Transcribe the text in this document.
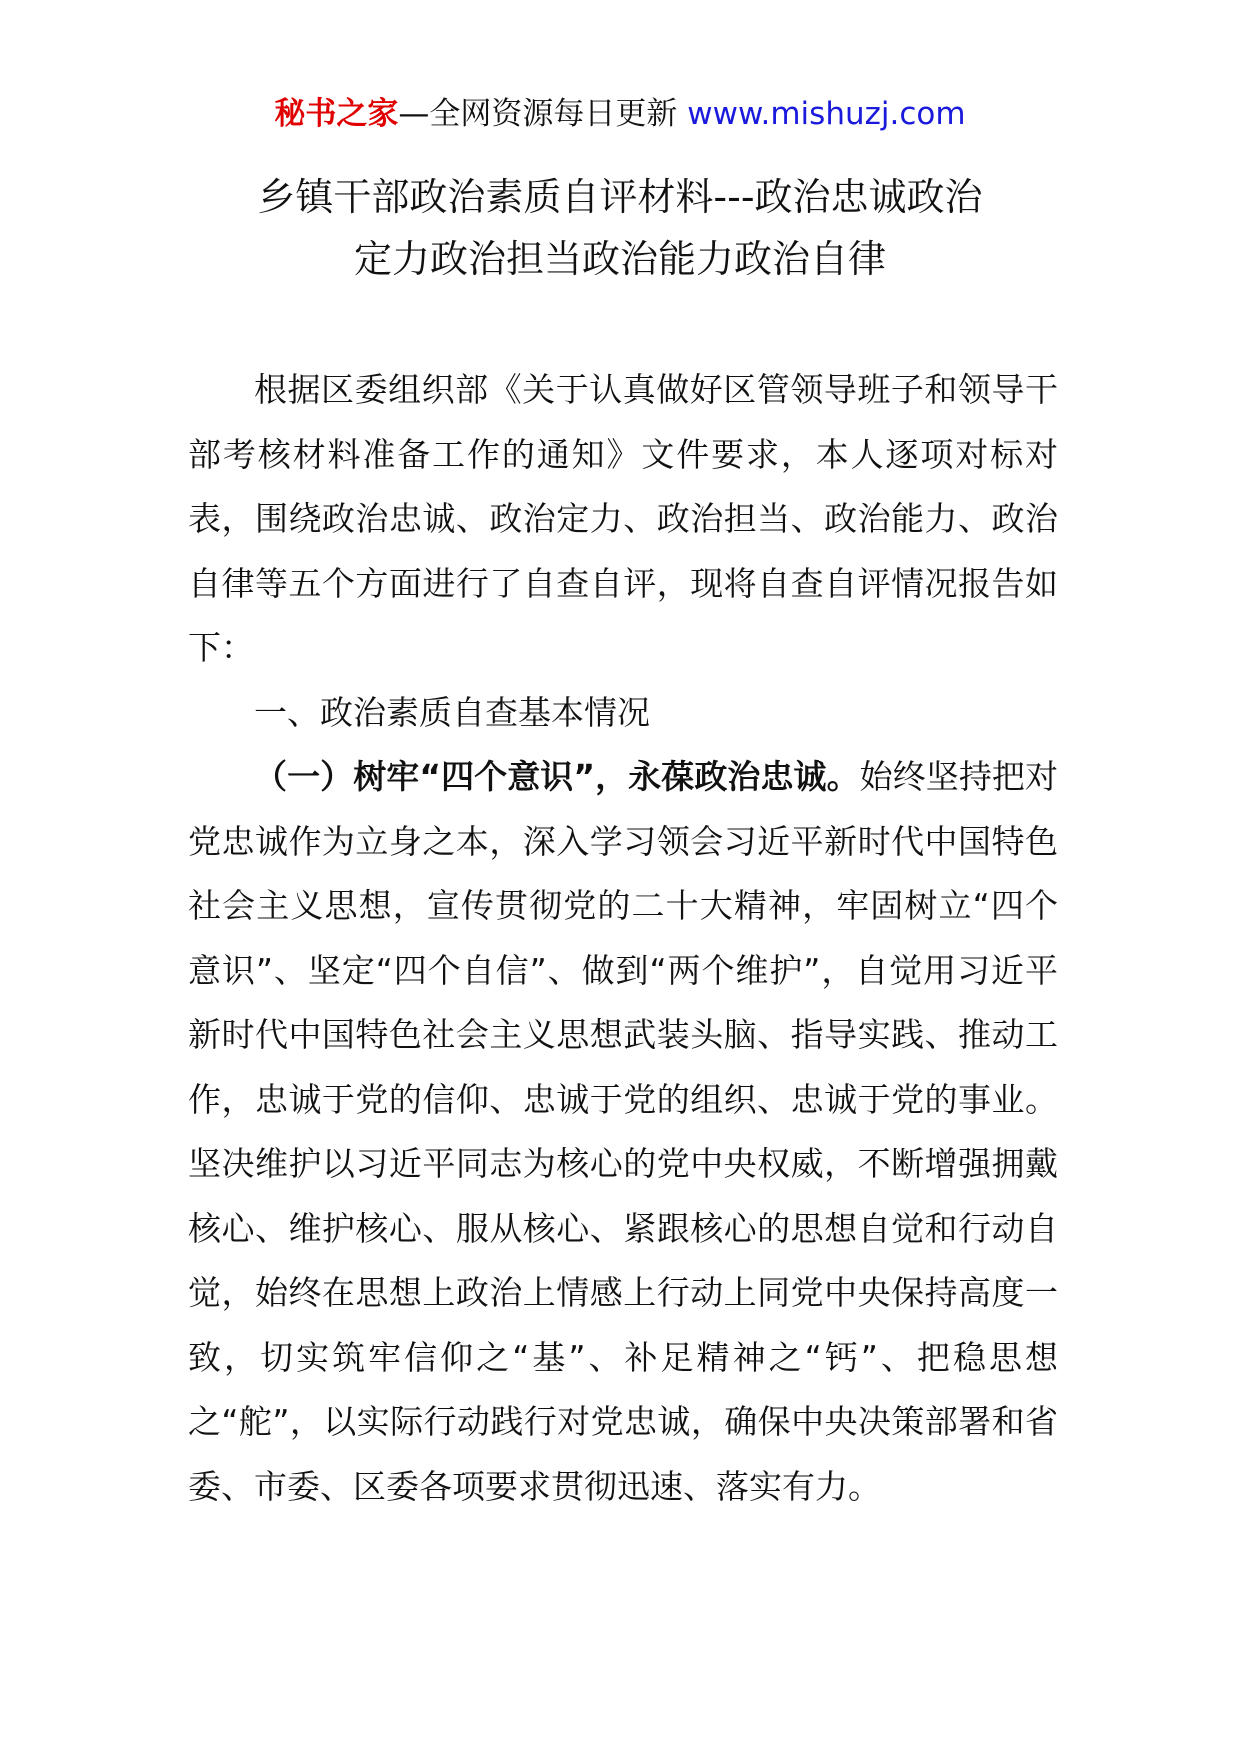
秘书之家—全网资源每日更新 www.mishuzj.com
乡镇干部政治素质自评材料---政治忠诚政治
定力政治担当政治能力政治自律

根据区委组织部《关于认真做好区管领导班子和领导干部考核材料准备工作的通知》文件要求，本人逐项对标对表，围绕政治忠诚、政治定力、政治担当、政治能力、政治自律等五个方面进行了自查自评，现将自查自评情况报告如下：

一、政治素质自查基本情况

（一）树牢“四个意识”，永葆政治忠诚。始终坚持把对党忠诚作为立身之本，深入学习领会习近平新时代中国特色社会主义思想，宣传贯彻党的二十大精神，牢固树立“四个意识”、坚定“四个自信”、做到“两个维护”，自觉用习近平新时代中国特色社会主义思想武装头脑、指导实践、推动工作，忠诚于党的信仰、忠诚于党的组织、忠诚于党的事业。坚决维护以习近平同志为核心的党中央权威，不断增强拥戴核心、维护核心、服从核心、紧跟核心的思想自觉和行动自觉，始终在思想上政治上情感上行动上同党中央保持高度一致，切实筑牢信仰之“基”、补足精神之“钙”、把稳思想之“舵”，以实际行动践行对党忠诚，确保中央决策部署和省委、市委、区委各项要求贯彻迅速、落实有力。
